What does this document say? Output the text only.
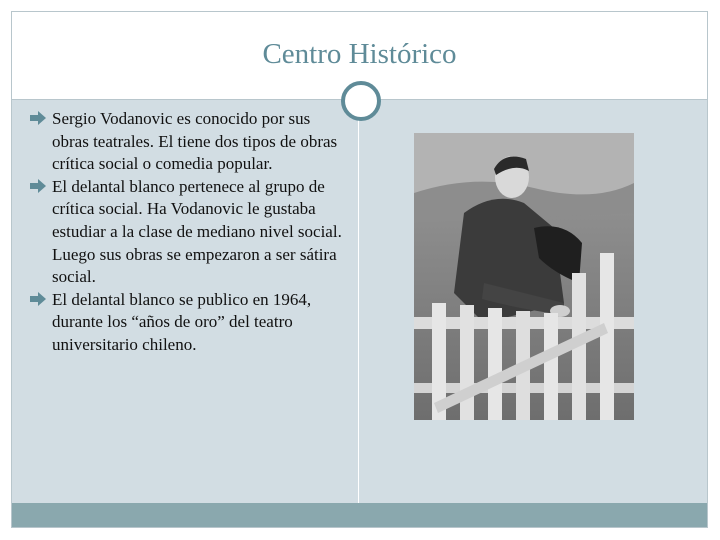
Centro Histórico

Sergio Vodanovic es conocido por sus obras teatrales. El tiene dos tipos de obras crítica social o comedia popular.

El delantal blanco pertenece al grupo de crítica social. Ha Vodanovic le gustaba estudiar a la clase de mediano nivel social. Luego sus obras se empezaron a ser sátira social.

El delantal blanco se publico en 1964, durante los “años de oro” del teatro universitario chileno.
